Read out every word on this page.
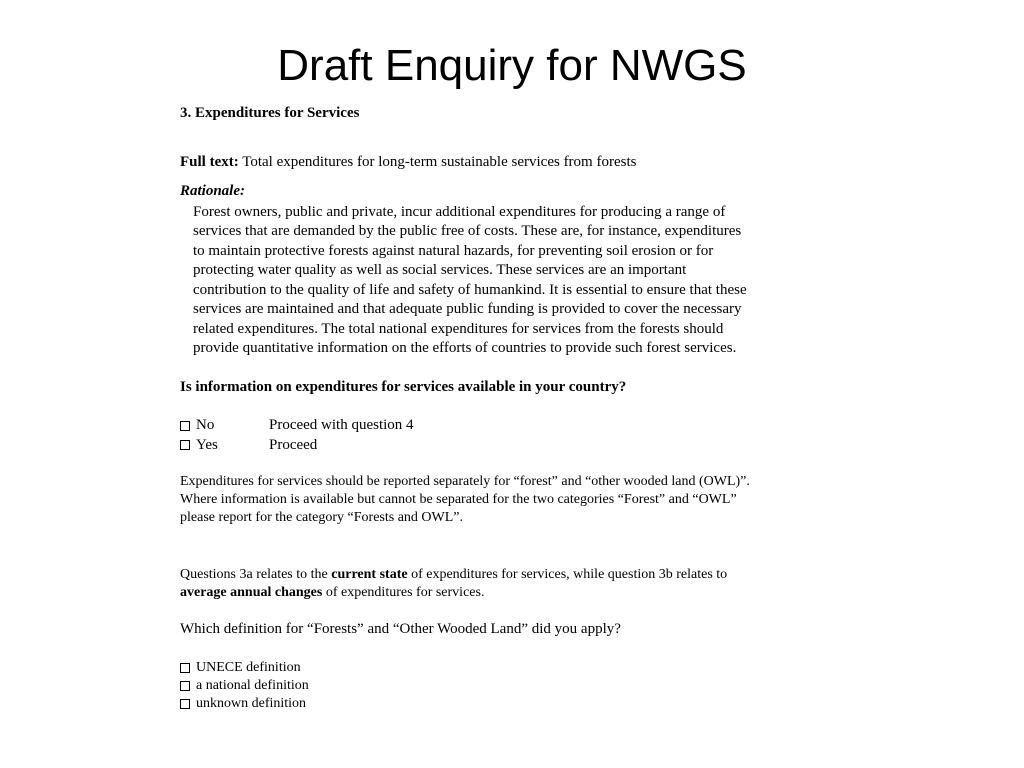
Draft Enquiry for NWGS

3. Expenditures for Services

Full text: Total expenditures for long-term sustainable services from forests

Rationale:

Forest owners, public and private, incur additional expenditures for producing a range of

services that are demanded by the public free of costs. These are, for instance, expenditures

to maintain protective forests against natural hazards, for preventing soil erosion or for

protecting water quality as well as social services. These services are an important

contribution to the quality of life and safety of humankind. It is essential to ensure that these

services are maintained and that adequate public funding is provided to cover the necessary

related expenditures. The total national expenditures for services from the forests should

provide quantitative information on the efforts of countries to provide such forest services.

Is information on expenditures for services available in your country?

No	Proceed with question 4
Yes	Proceed

Expenditures for services should be reported separately for “forest” and “other wooded land (OWL)”.

Where information is available but cannot be separated for the two categories “Forest” and “OWL”

please report for the category “Forests and OWL”.

Questions 3a relates to the current state of expenditures for services, while question 3b relates to

average annual changes of expenditures for services.

Which definition for “Forests” and “Other Wooded Land” did you apply?

UNECE definition
a national definition
unknown definition
